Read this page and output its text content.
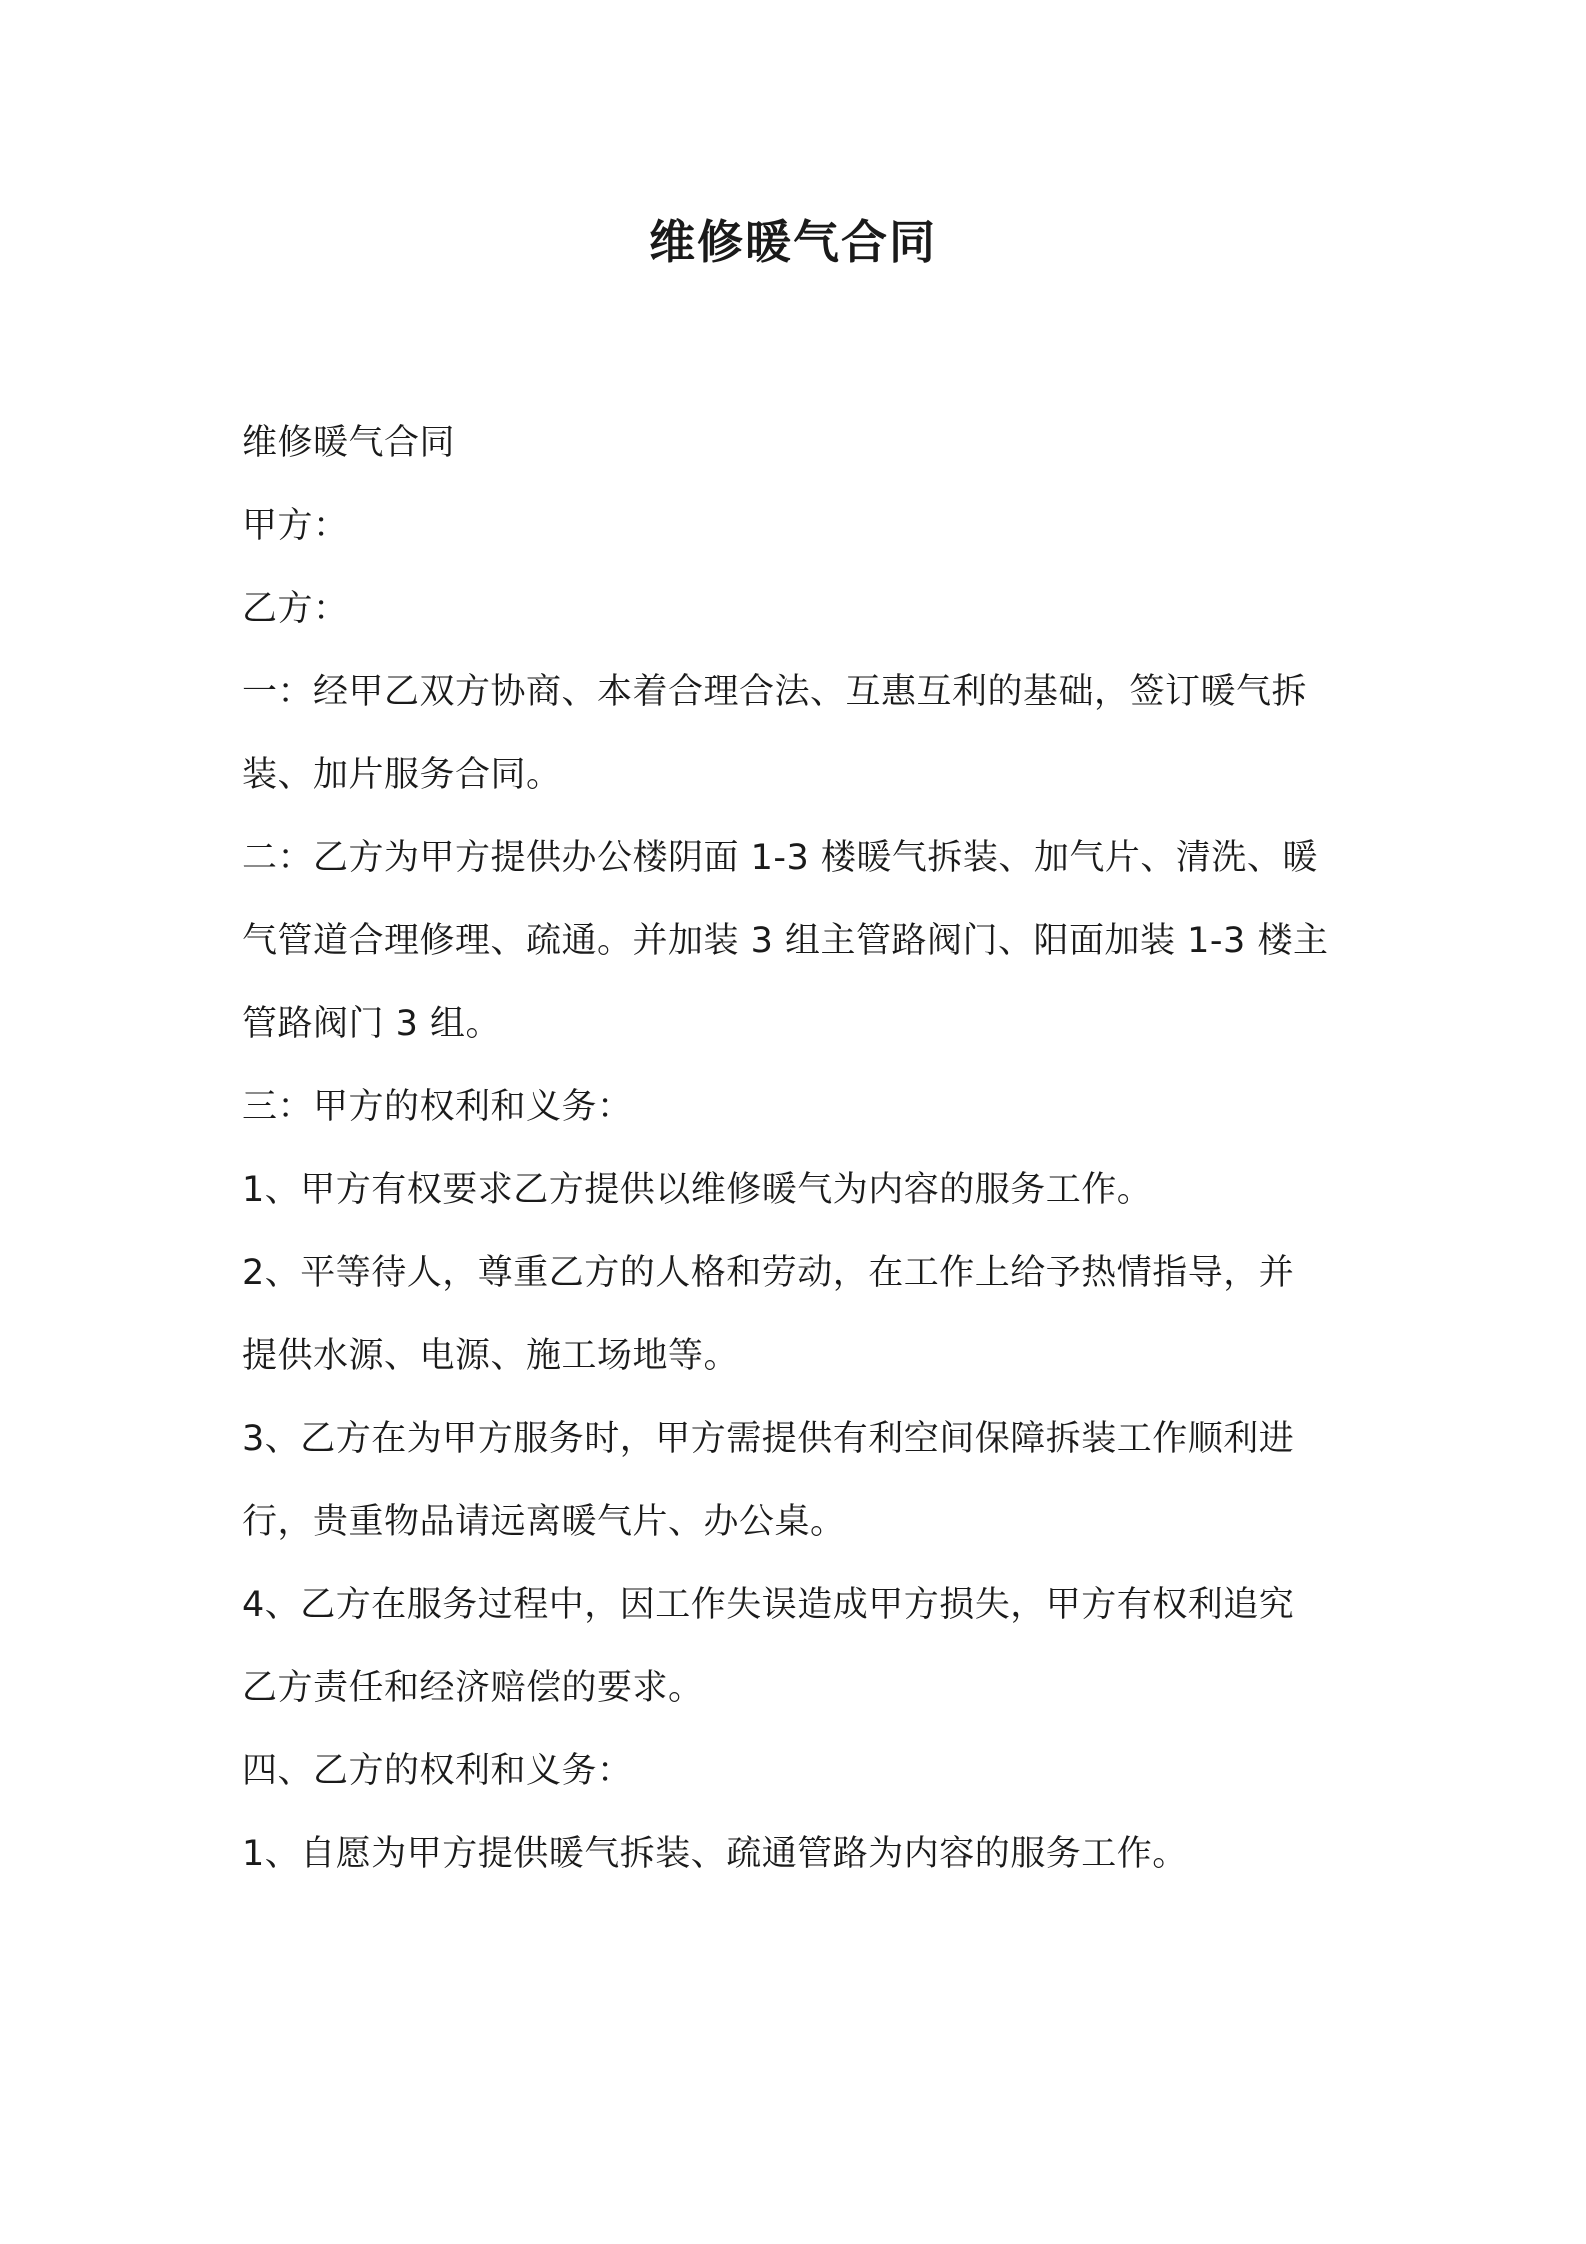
维修暖气合同

维修暖气合同

甲方：

乙方：

一：经甲乙双方协商、本着合理合法、互惠互利的基础，签订暖气拆

装、加片服务合同。

二：乙方为甲方提供办公楼阴面 1-3 楼暖气拆装、加气片、清洗、暖

气管道合理修理、疏通。并加装 3 组主管路阀门、阳面加装 1-3 楼主

管路阀门 3 组。

三：甲方的权利和义务：

1、甲方有权要求乙方提供以维修暖气为内容的服务工作。

2、平等待人，尊重乙方的人格和劳动，在工作上给予热情指导，并

提供水源、电源、施工场地等。

3、乙方在为甲方服务时，甲方需提供有利空间保障拆装工作顺利进

行，贵重物品请远离暖气片、办公桌。

4、乙方在服务过程中，因工作失误造成甲方损失，甲方有权利追究

乙方责任和经济赔偿的要求。

四、乙方的权利和义务：

1、自愿为甲方提供暖气拆装、疏通管路为内容的服务工作。
